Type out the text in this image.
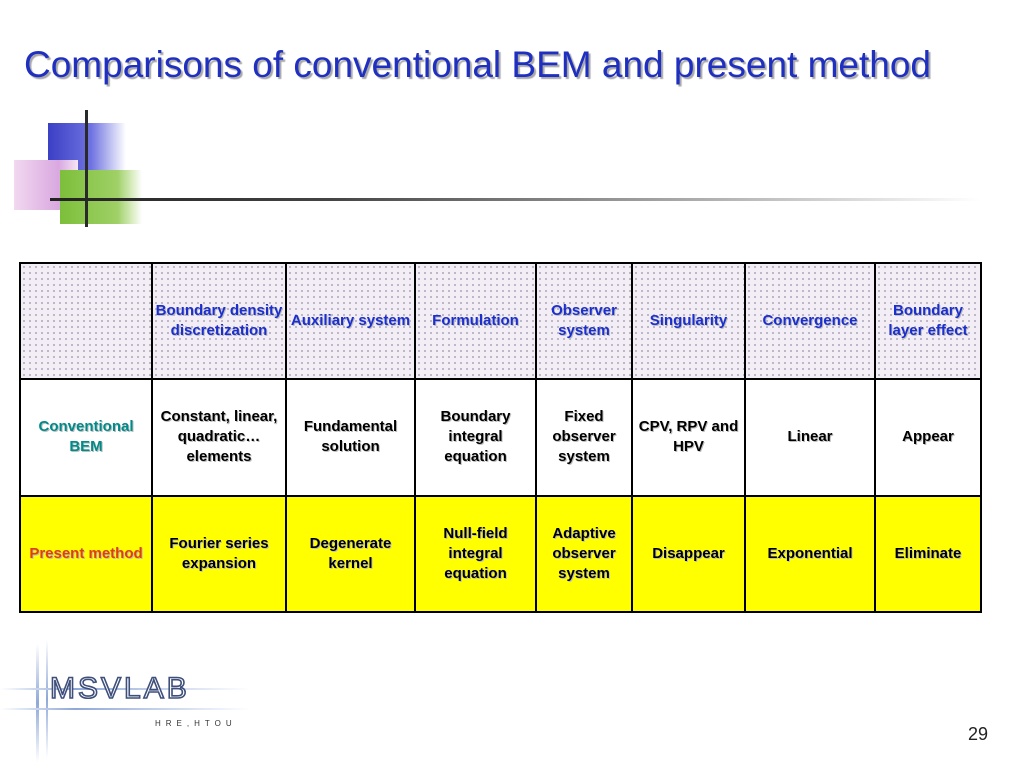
Comparisons of conventional BEM and present method
	Boundary density discretization	Auxiliary system	Formulation	Observer system	Singularity	Convergence	Boundary layer effect
Conventional BEM	Constant, linear, quadratic… elements	Fundamental solution	Boundary integral equation	Fixed observer system	CPV, RPV and HPV	Linear	Appear
Present method	Fourier series expansion	Degenerate kernel	Null-field integral equation	Adaptive observer system	Disappear	Exponential	Eliminate
MSVLAB
HRE,HTOU
29
